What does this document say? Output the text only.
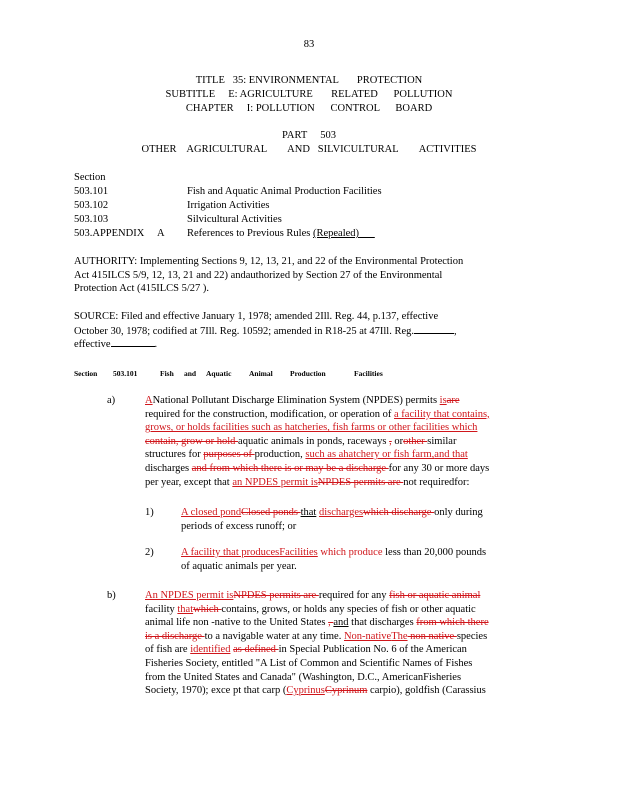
83
TITLE   35: ENVIRONMENTAL       PROTECTION
SUBTITLE     E: AGRICULTURE       RELATED      POLLUTION
CHAPTER     I: POLLUTION      CONTROL      BOARD
PART     503
OTHER    AGRICULTURAL        AND   SILVICULTURAL        ACTIVITIES
Section
503.101	Fish and Aquatic Animal Production Facilities
503.102	Irrigation Activities
503.103	Silvicultural Activities
503.APPENDIX A References to Previous Rules (Repealed)
AUTHORITY: Implementing Sections 9, 12, 13, 21, and 22 of the Environmental Protection
Act 415ILCS 5/9, 12, 13, 21 and 22) andauthorized by Section 27 of the Environmental
Protection Act (415ILCS 5/27 ).
SOURCE: Filed and effective January 1, 1978; amended 2Ill. Reg. 44, p.137, effective
October 30, 1978; codified at 7Ill. Reg. 10592; amended in R18-25 at 47Ill. Reg.	,
effective	.
Section 503.101	Fish and Aquatic Animal Production	Facilities
a)	ANational Pollutant Discharge Elimination System (NPDES) permits isare
required for the construction, modification, or operation of a facility that contains,
grows, or holds facilities such as hatcheries, fish farms or other facilities which
contain, grow or hold aquatic animals in ponds, raceways , orother similar
structures for purposes of production, such as ahatchery or fish farm,and that
discharges and from which there is or may be a discharge for any 30 or more days
per year, except that an NPDES permit isNPDES permits are not requiredfor:
1)	A closed pondClosed ponds that dischargeswhich discharge only during
periods of excess runoff; or
2)	A facility that producesFacilities which produce less than 20,000 pounds
of aquatic animals per year.
b)	An NPDES permit isNPDES permits are required for any fish or aquatic animal
facility thatwhich contains, grows, or holds any species of fish or other aquatic
animal life non -native to the United States , and that discharges from which there
is a discharge to a navigable water at any time. Non-nativeThe non native species
of fish are identified as defined in Special Publication No. 6 of the American
Fisheries Society, entitled "A List of Common and Scientific Names of Fishes
from the United States and Canada" (Washington, D.C., AmericanFisheries
Society, 1970); exce pt that carp (CyprinusCyprinum carpio), goldfish (Carassius
